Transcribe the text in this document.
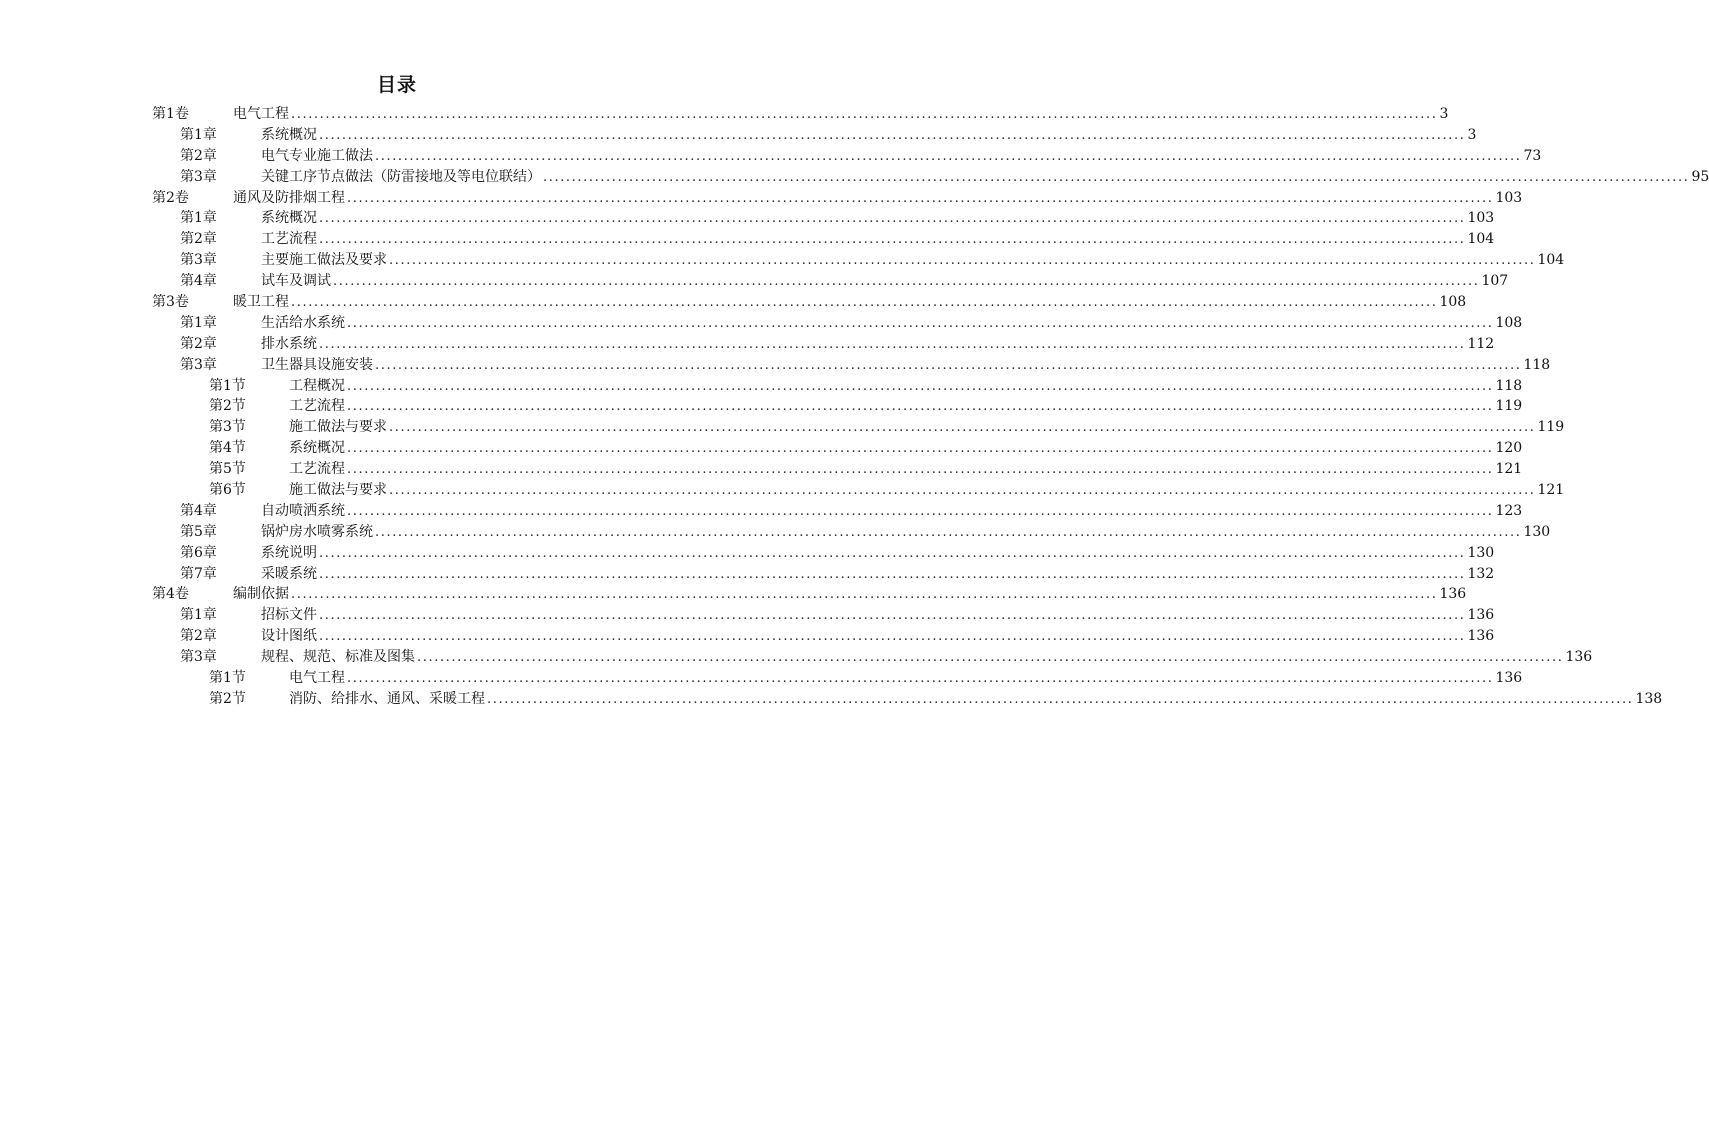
目录
第1卷	电气工程 ........................................................................................................................................................................................................ 3
第1章	系统概况 ........................................................................................................................................................................................................ 3
第2章	电气专业施工做法 ........................................................................................................................................................................................................ 73
第3章	关键工序节点做法（防雷接地及等电位联结） ........................................................................................................................................................................................................ 95
第2卷	通风及防排烟工程 ........................................................................................................................................................................................................ 103
第1章	系统概况 ........................................................................................................................................................................................................ 103
第2章	工艺流程 ........................................................................................................................................................................................................ 104
第3章	主要施工做法及要求 ........................................................................................................................................................................................................ 104
第4章	试车及调试 ........................................................................................................................................................................................................ 107
第3卷	暖卫工程 ........................................................................................................................................................................................................ 108
第1章	生活给水系统 ........................................................................................................................................................................................................ 108
第2章	排水系统 ........................................................................................................................................................................................................ 112
第3章	卫生器具设施安装 ........................................................................................................................................................................................................ 118
第1节	工程概况 ........................................................................................................................................................................................................ 118
第2节	工艺流程 ........................................................................................................................................................................................................ 119
第3节	施工做法与要求 ........................................................................................................................................................................................................ 119
第4节	系统概况 ........................................................................................................................................................................................................ 120
第5节	工艺流程 ........................................................................................................................................................................................................ 121
第6节	施工做法与要求 ........................................................................................................................................................................................................ 121
第4章	自动喷洒系统 ........................................................................................................................................................................................................ 123
第5章	锅炉房水喷雾系统 ........................................................................................................................................................................................................ 130
第6章	系统说明 ........................................................................................................................................................................................................ 130
第7章	采暖系统 ........................................................................................................................................................................................................ 132
第4卷	编制依据 ........................................................................................................................................................................................................ 136
第1章	招标文件 ........................................................................................................................................................................................................ 136
第2章	设计图纸 ........................................................................................................................................................................................................ 136
第3章	规程、规范、标准及图集 ........................................................................................................................................................................................................ 136
第1节	电气工程 ........................................................................................................................................................................................................ 136
第2节	消防、给排水、通风、采暖工程 ........................................................................................................................................................................................................ 138
